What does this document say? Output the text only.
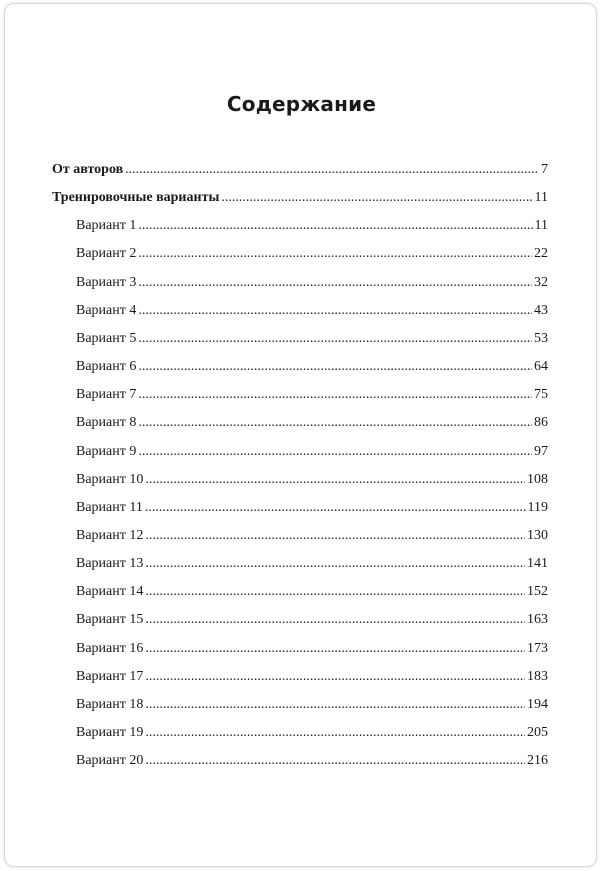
Содержание
От авторов .....	7
Тренировочные варианты .....	11
Вариант 1 .....	11
Вариант 2 .....	22
Вариант 3 .....	32
Вариант 4 .....	43
Вариант 5 .....	53
Вариант 6 .....	64
Вариант 7 .....	75
Вариант 8 .....	86
Вариант 9 .....	97
Вариант 10 .....	108
Вариант 11 .....	119
Вариант 12 .....	130
Вариант 13 .....	141
Вариант 14 .....	152
Вариант 15 .....	163
Вариант 16 .....	173
Вариант 17 .....	183
Вариант 18 .....	194
Вариант 19 .....	205
Вариант 20 .....	216
